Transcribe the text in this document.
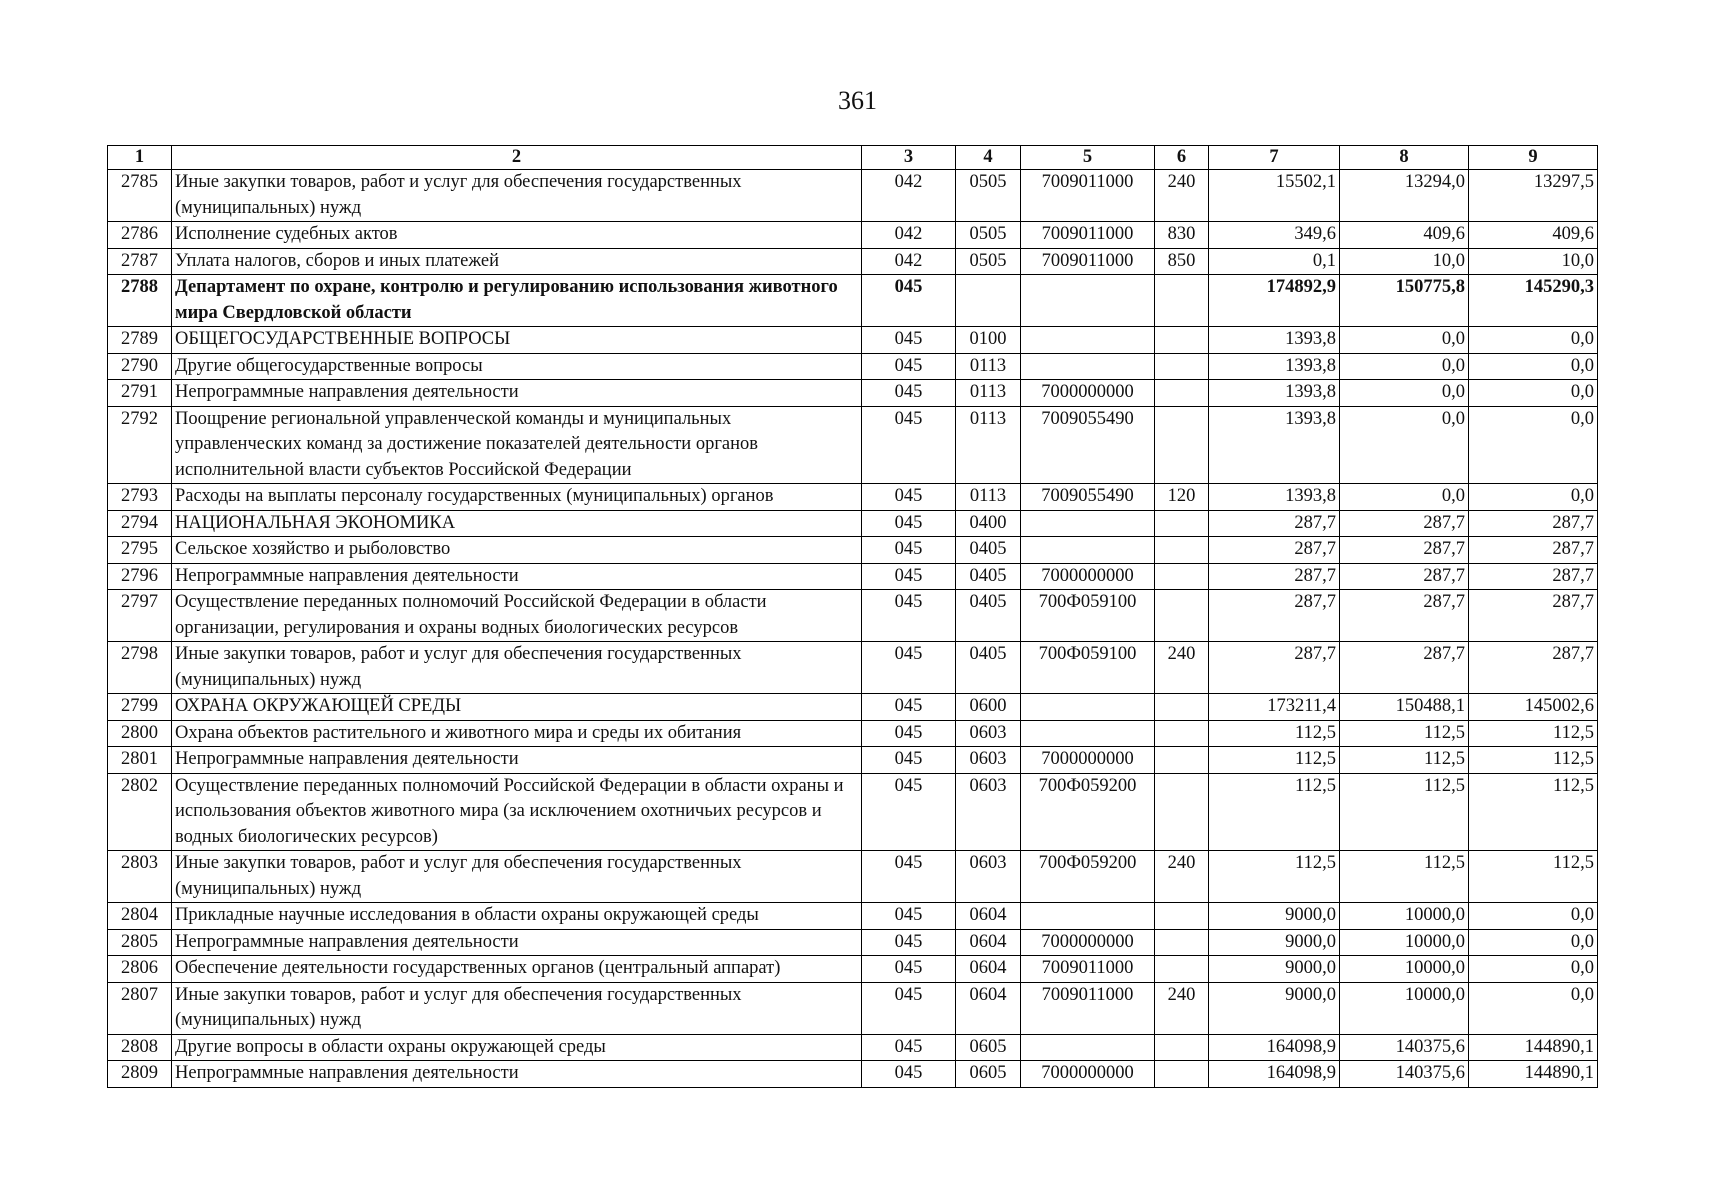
361
1	2	3	4	5	6	7	8	9
2785	Иные закупки товаров, работ и услуг для обеспечения государственных (муниципальных) нужд	042	0505	7009011000	240	15502,1	13294,0	13297,5
2786	Исполнение судебных актов	042	0505	7009011000	830	349,6	409,6	409,6
2787	Уплата налогов, сборов и иных платежей	042	0505	7009011000	850	0,1	10,0	10,0
2788	Департамент по охране, контролю и регулированию использования животного мира Свердловской области	045				174892,9	150775,8	145290,3
2789	ОБЩЕГОСУДАРСТВЕННЫЕ ВОПРОСЫ	045	0100			1393,8	0,0	0,0
2790	Другие общегосударственные вопросы	045	0113			1393,8	0,0	0,0
2791	Непрограммные направления деятельности	045	0113	7000000000		1393,8	0,0	0,0
2792	Поощрение региональной управленческой команды и муниципальных управленческих команд за достижение показателей деятельности органов исполнительной власти субъектов Российской Федерации	045	0113	7009055490		1393,8	0,0	0,0
2793	Расходы на выплаты персоналу государственных (муниципальных) органов	045	0113	7009055490	120	1393,8	0,0	0,0
2794	НАЦИОНАЛЬНАЯ ЭКОНОМИКА	045	0400			287,7	287,7	287,7
2795	Сельское хозяйство и рыболовство	045	0405			287,7	287,7	287,7
2796	Непрограммные направления деятельности	045	0405	7000000000		287,7	287,7	287,7
2797	Осуществление переданных полномочий Российской Федерации в области организации, регулирования и охраны водных биологических ресурсов	045	0405	700Ф059100		287,7	287,7	287,7
2798	Иные закупки товаров, работ и услуг для обеспечения государственных (муниципальных) нужд	045	0405	700Ф059100	240	287,7	287,7	287,7
2799	ОХРАНА ОКРУЖАЮЩЕЙ СРЕДЫ	045	0600			173211,4	150488,1	145002,6
2800	Охрана объектов растительного и животного мира и среды их обитания	045	0603			112,5	112,5	112,5
2801	Непрограммные направления деятельности	045	0603	7000000000		112,5	112,5	112,5
2802	Осуществление переданных полномочий Российской Федерации в области охраны и использования объектов животного мира (за исключением охотничьих ресурсов и водных биологических ресурсов)	045	0603	700Ф059200		112,5	112,5	112,5
2803	Иные закупки товаров, работ и услуг для обеспечения государственных (муниципальных) нужд	045	0603	700Ф059200	240	112,5	112,5	112,5
2804	Прикладные научные исследования в области охраны окружающей среды	045	0604			9000,0	10000,0	0,0
2805	Непрограммные направления деятельности	045	0604	7000000000		9000,0	10000,0	0,0
2806	Обеспечение деятельности государственных органов (центральный аппарат)	045	0604	7009011000		9000,0	10000,0	0,0
2807	Иные закупки товаров, работ и услуг для обеспечения государственных (муниципальных) нужд	045	0604	7009011000	240	9000,0	10000,0	0,0
2808	Другие вопросы в области охраны окружающей среды	045	0605			164098,9	140375,6	144890,1
2809	Непрограммные направления деятельности	045	0605	7000000000		164098,9	140375,6	144890,1
